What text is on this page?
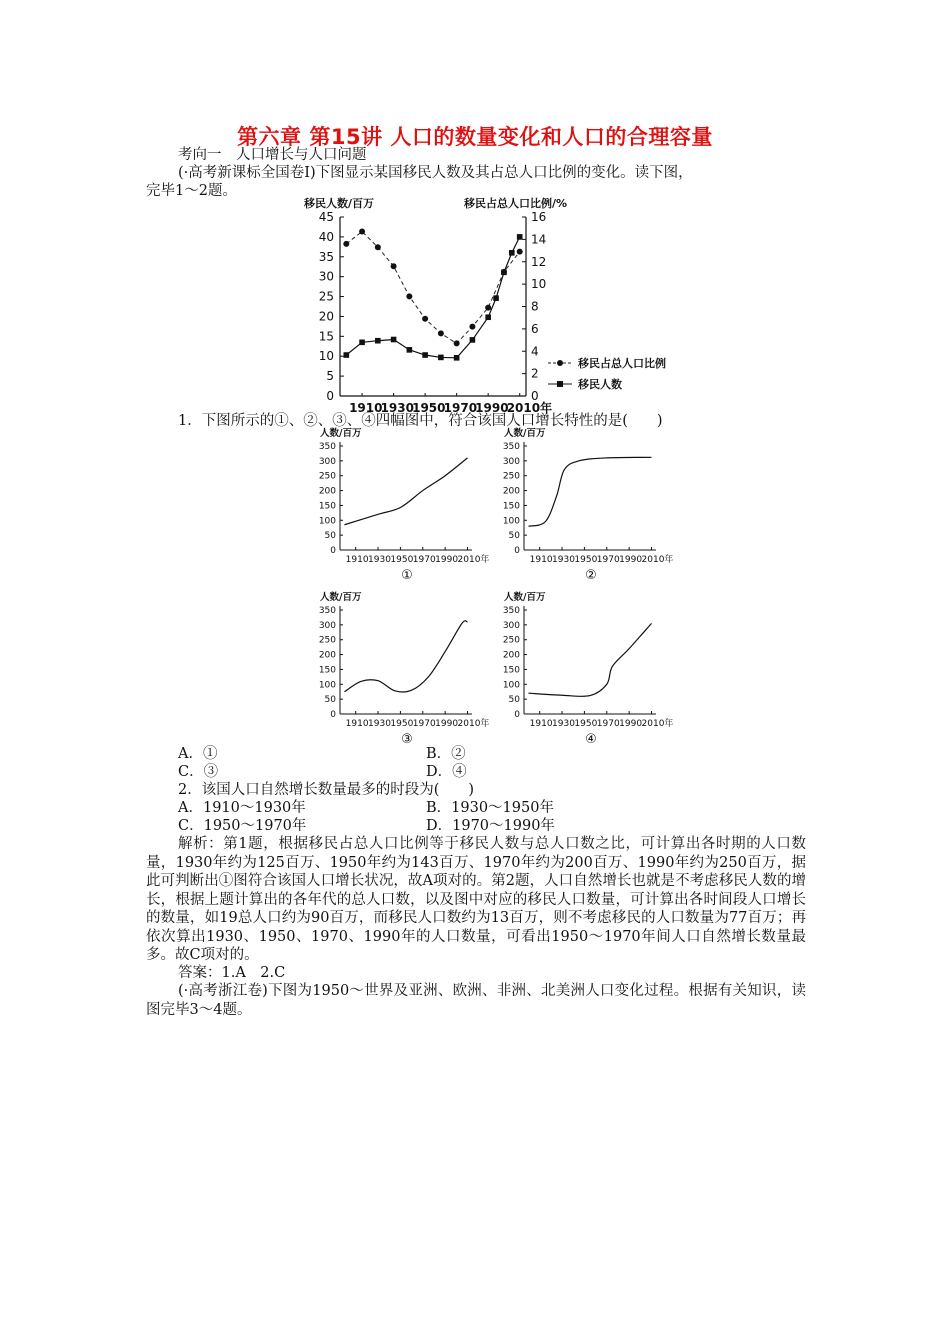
第六章 第15讲 人口的数量变化和人口的合理容量
考向一　人口增长与人口问题
(·高考新课标全国卷Ⅰ)下图显示某国移民人数及其占总人口比例的变化。读下图，
完毕1～2题。
移民人数/百万	移民占总人口比例/%
0
5
10
15
20
25
30
35
40
45
0
2
4
6
8
10
12
14
16
1910
1930
1950
1970
1990
2010年
移民占总人口比例
移民人数
1．下图所示的①、②、③、④四幅图中，符合该国人口增长特性的是(　　)
人数/百万
0
50
100
150
200
250
300
350
1910 1930 1950 1970 1990 2010年
①
人数/百万
0
50
100
150
200
250
300
350
1910 1930 1950 1970 1990 2010年
②
人数/百万
0
50
100
150
200
250
300
350
1910 1930 1950 1970 1990 2010年
③
人数/百万
0
50
100
150
200
250
300
350
1910 1930 1950 1970 1990 2010年
④
A．①	B．②
C．③	D．④
2．该国人口自然增长数量最多的时段为(　　)
A．1910～1930年	B．1930～1950年
C．1950～1970年	D．1970～1990年
解析：第1题，根据移民占总人口比例等于移民人数与总人口数之比，可计算出各时期的人口数量，1930年约为125百万、1950年约为143百万、1970年约为200百万、1990年约为250百万，据此可判断出①图符合该国人口增长状况，故A项对的。第2题，人口自然增长也就是不考虑移民人数的增长，根据上题计算出的各年代的总人口数，以及图中对应的移民人口数量，可计算出各时间段人口增长的数量，如19总人口约为90百万，而移民人口数约为13百万，则不考虑移民的人口数量为77百万；再依次算出1930、1950、1970、1990年的人口数量，可看出1950～1970年间人口自然增长数量最多。故C项对的。
答案：1.A　2.C
(·高考浙江卷)下图为1950～世界及亚洲、欧洲、非洲、北美洲人口变化过程。根据有关知识，读图完毕3～4题。
